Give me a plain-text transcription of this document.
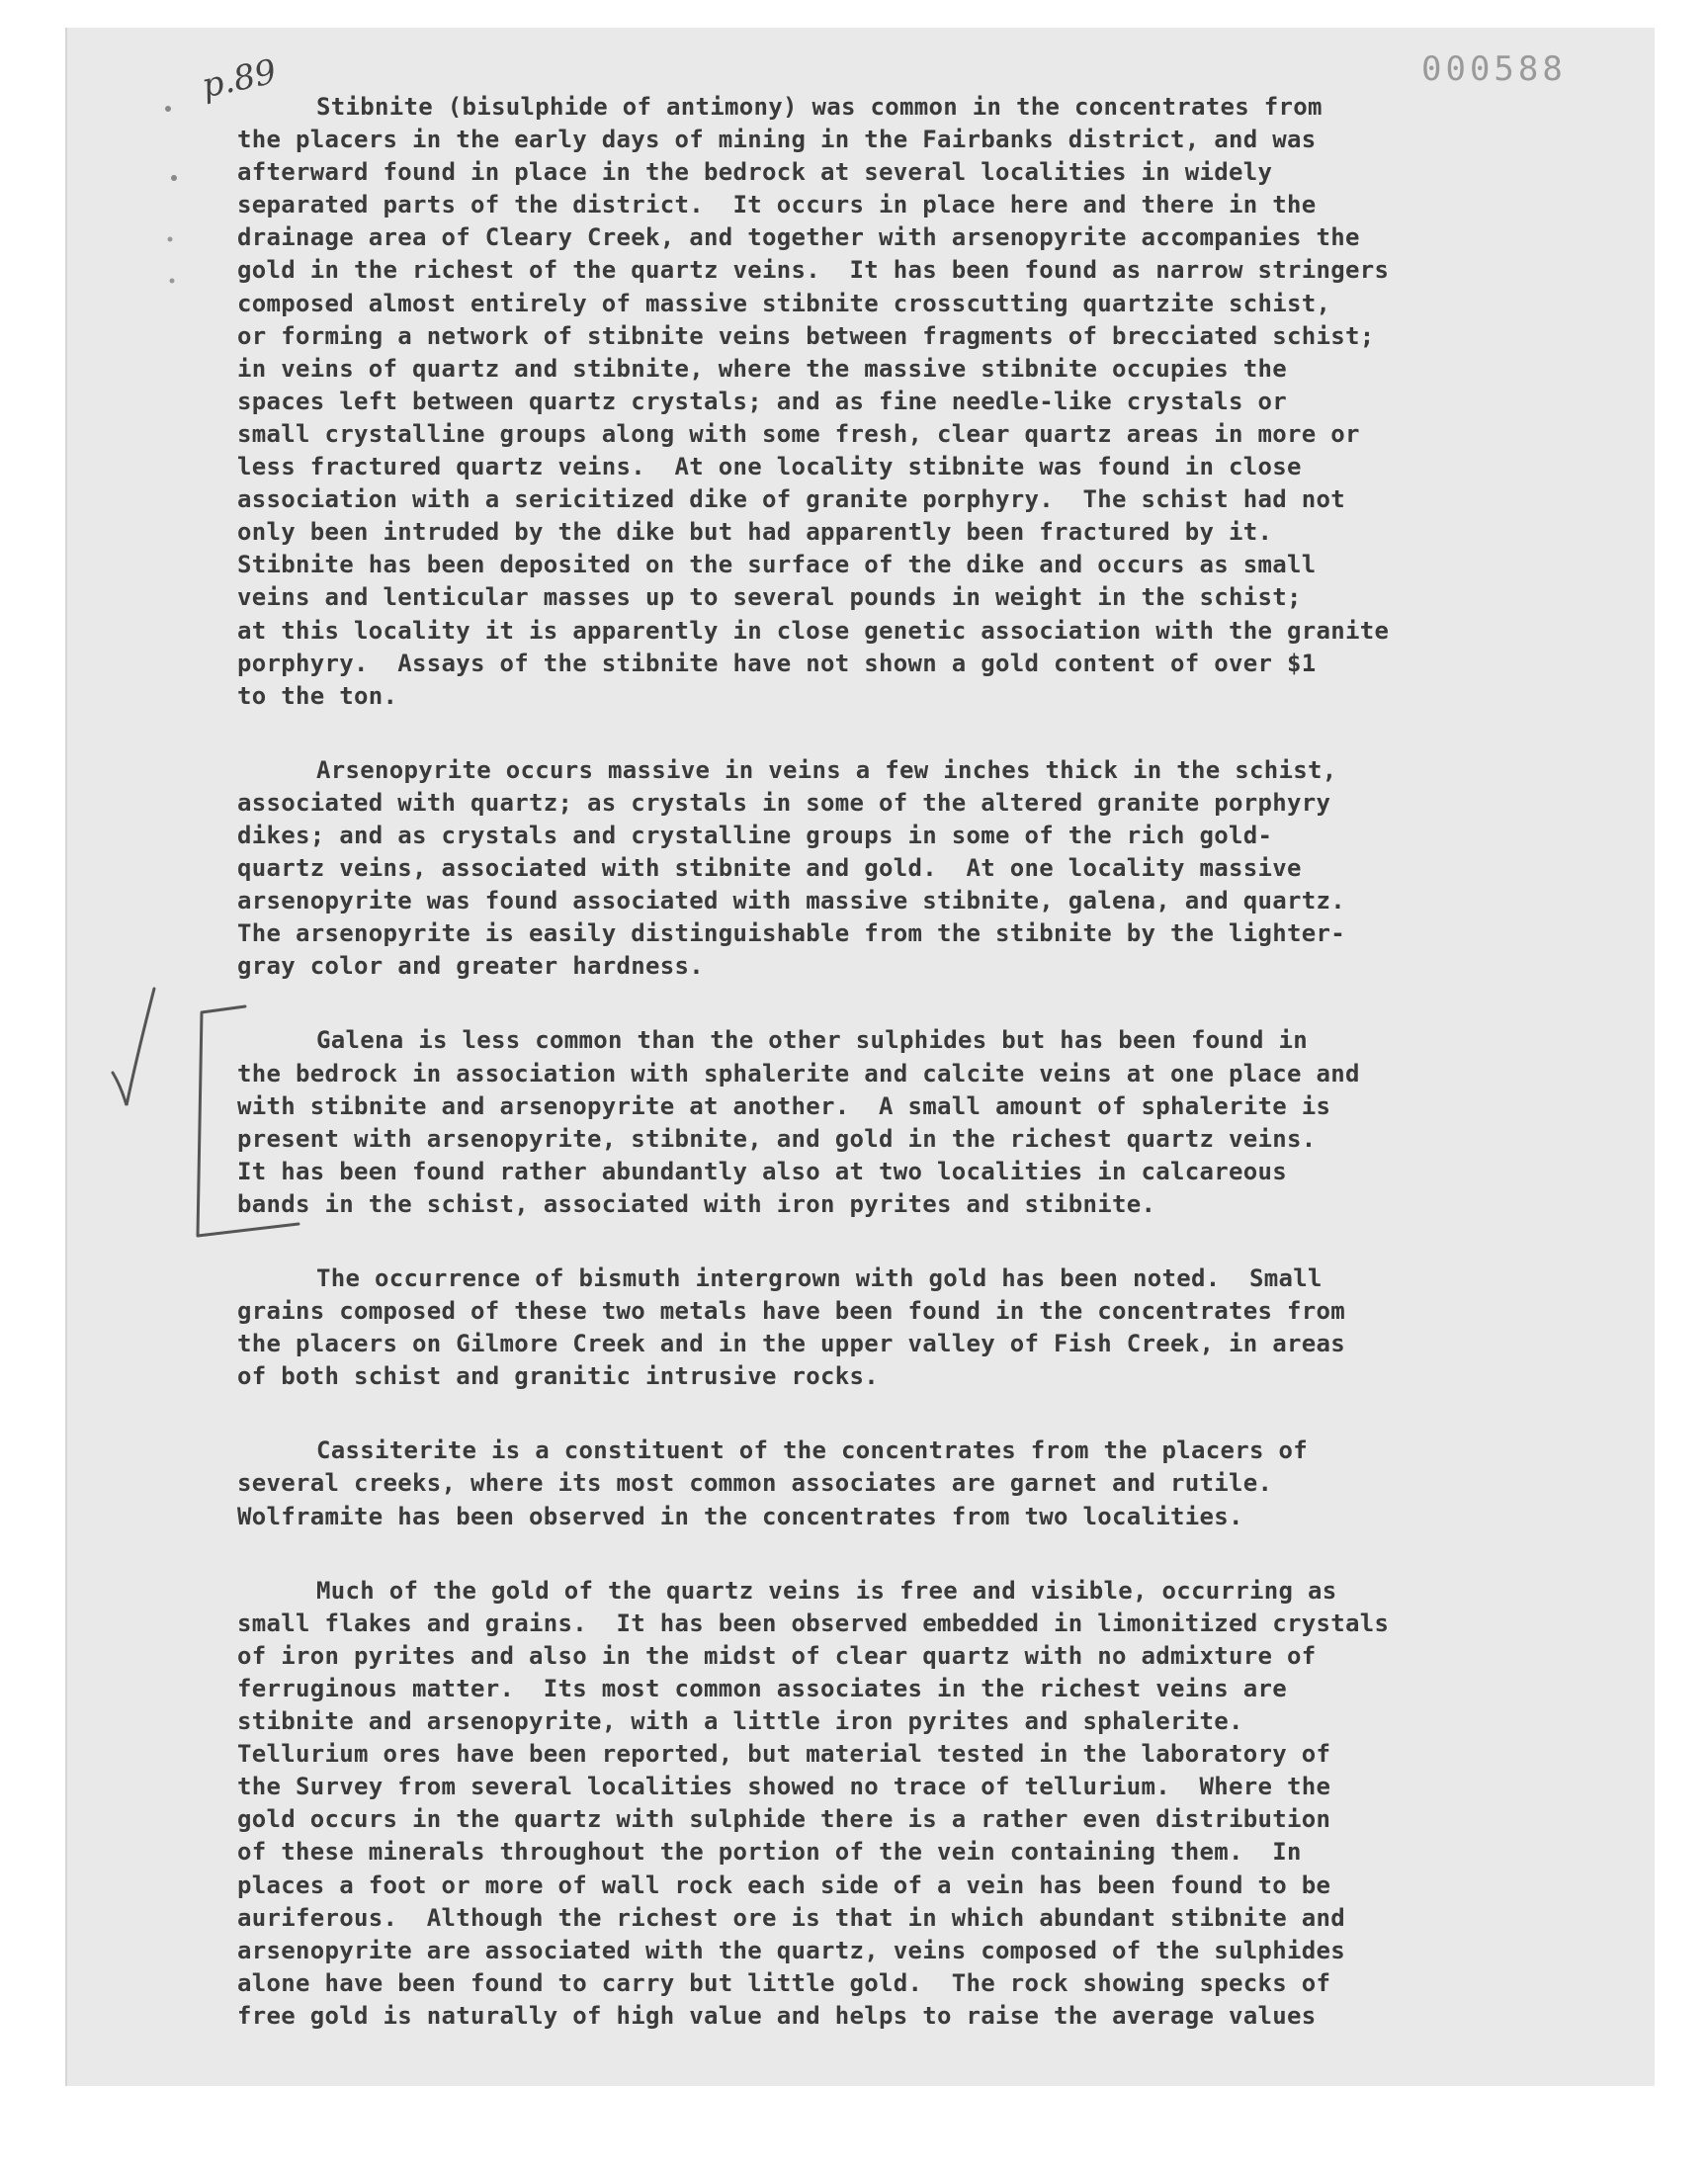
000588
p.89
Stibnite (bisulphide of antimony) was common in the concentrates from
the placers in the early days of mining in the Fairbanks district, and was
afterward found in place in the bedrock at several localities in widely
separated parts of the district.  It occurs in place here and there in the
drainage area of Cleary Creek, and together with arsenopyrite accompanies the
gold in the richest of the quartz veins.  It has been found as narrow stringers
composed almost entirely of massive stibnite crosscutting quartzite schist,
or forming a network of stibnite veins between fragments of brecciated schist;
in veins of quartz and stibnite, where the massive stibnite occupies the
spaces left between quartz crystals; and as fine needle-like crystals or
small crystalline groups along with some fresh, clear quartz areas in more or
less fractured quartz veins.  At one locality stibnite was found in close
association with a sericitized dike of granite porphyry.  The schist had not
only been intruded by the dike but had apparently been fractured by it.
Stibnite has been deposited on the surface of the dike and occurs as small
veins and lenticular masses up to several pounds in weight in the schist;
at this locality it is apparently in close genetic association with the granite
porphyry.  Assays of the stibnite have not shown a gold content of over $1
to the ton.
Arsenopyrite occurs massive in veins a few inches thick in the schist,
associated with quartz; as crystals in some of the altered granite porphyry
dikes; and as crystals and crystalline groups in some of the rich gold-
quartz veins, associated with stibnite and gold.  At one locality massive
arsenopyrite was found associated with massive stibnite, galena, and quartz.
The arsenopyrite is easily distinguishable from the stibnite by the lighter-
gray color and greater hardness.
Galena is less common than the other sulphides but has been found in
the bedrock in association with sphalerite and calcite veins at one place and
with stibnite and arsenopyrite at another.  A small amount of sphalerite is
present with arsenopyrite, stibnite, and gold in the richest quartz veins.
It has been found rather abundantly also at two localities in calcareous
bands in the schist, associated with iron pyrites and stibnite.
The occurrence of bismuth intergrown with gold has been noted.  Small
grains composed of these two metals have been found in the concentrates from
the placers on Gilmore Creek and in the upper valley of Fish Creek, in areas
of both schist and granitic intrusive rocks.
Cassiterite is a constituent of the concentrates from the placers of
several creeks, where its most common associates are garnet and rutile.
Wolframite has been observed in the concentrates from two localities.
Much of the gold of the quartz veins is free and visible, occurring as
small flakes and grains.  It has been observed embedded in limonitized crystals
of iron pyrites and also in the midst of clear quartz with no admixture of
ferruginous matter.  Its most common associates in the richest veins are
stibnite and arsenopyrite, with a little iron pyrites and sphalerite.
Tellurium ores have been reported, but material tested in the laboratory of
the Survey from several localities showed no trace of tellurium.  Where the
gold occurs in the quartz with sulphide there is a rather even distribution
of these minerals throughout the portion of the vein containing them.  In
places a foot or more of wall rock each side of a vein has been found to be
auriferous.  Although the richest ore is that in which abundant stibnite and
arsenopyrite are associated with the quartz, veins composed of the sulphides
alone have been found to carry but little gold.  The rock showing specks of
free gold is naturally of high value and helps to raise the average values
